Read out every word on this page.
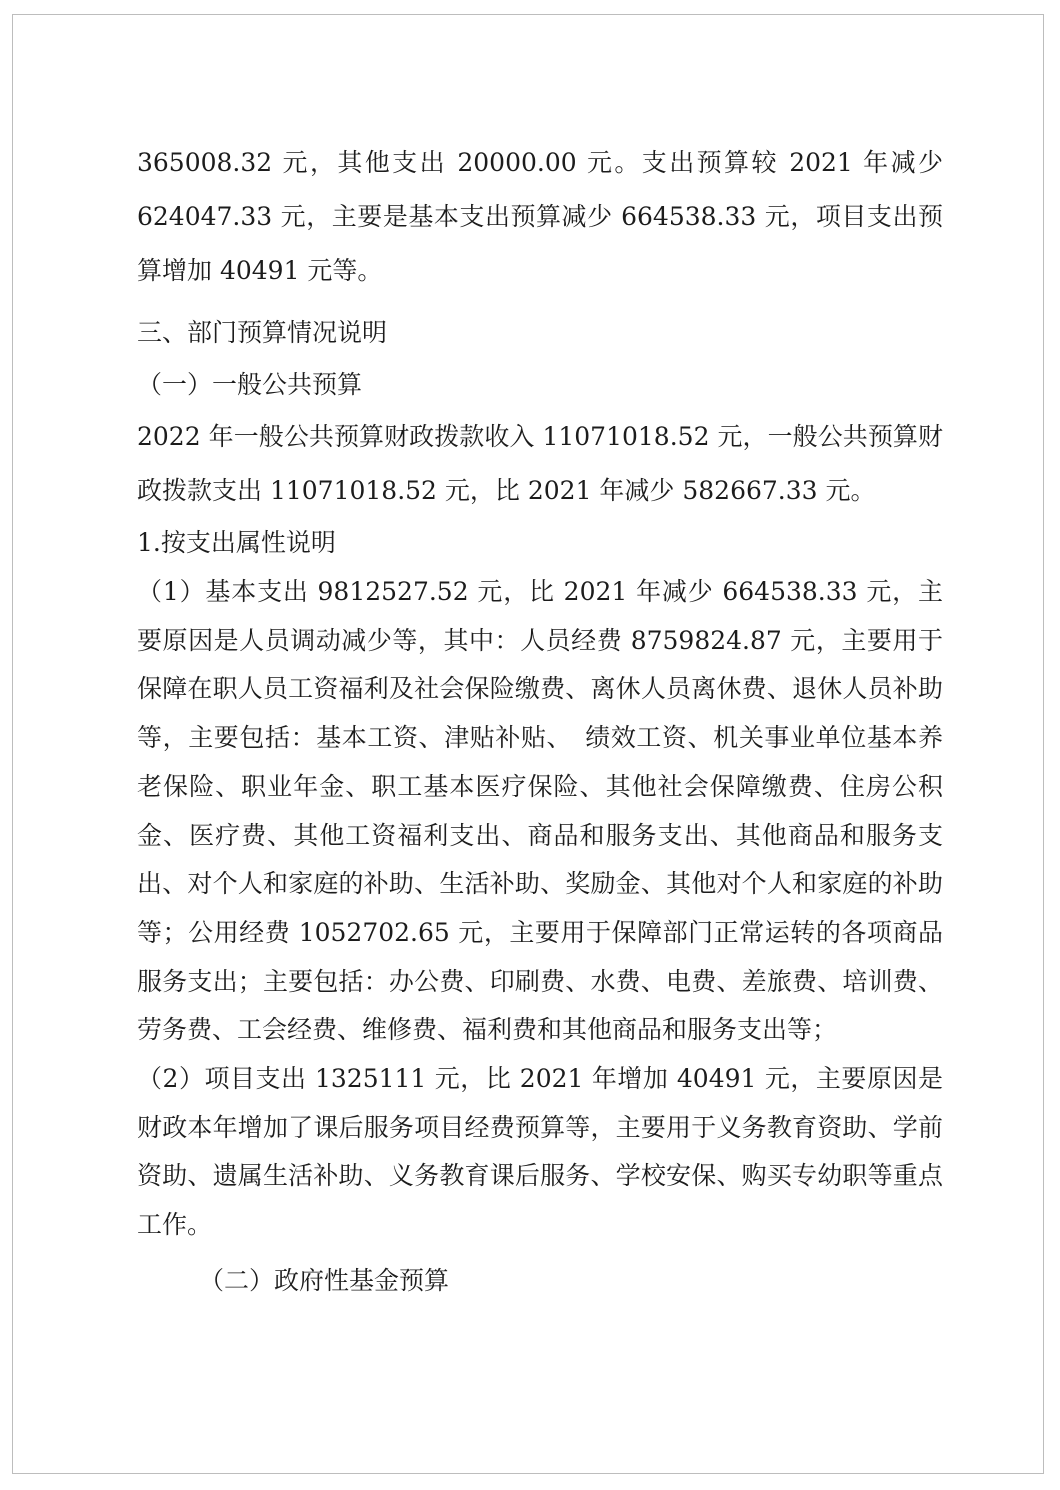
365008.32 元，其他支出 20000.00 元。支出预算较 2021 年减少 624047.33 元，主要是基本支出预算减少 664538.33 元，项目支出预算增加 40491 元等。

三、部门预算情况说明

（一）一般公共预算

2022 年一般公共预算财政拨款收入 11071018.52 元，一般公共预算财政拨款支出 11071018.52 元，比 2021 年减少 582667.33 元。

1.按支出属性说明

（1）基本支出 9812527.52 元，比 2021 年减少 664538.33 元，主要原因是人员调动减少等，其中：人员经费 8759824.87 元，主要用于保障在职人员工资福利及社会保险缴费、离休人员离休费、退休人员补助等，主要包括：基本工资、津贴补贴、　绩效工资、机关事业单位基本养老保险、职业年金、职工基本医疗保险、其他社会保障缴费、住房公积金、医疗费、其他工资福利支出、商品和服务支出、其他商品和服务支出、对个人和家庭的补助、生活补助、奖励金、其他对个人和家庭的补助等；公用经费 1052702.65 元，主要用于保障部门正常运转的各项商品服务支出；主要包括：办公费、印刷费、水费、电费、差旅费、培训费、劳务费、工会经费、维修费、福利费和其他商品和服务支出等；

（2）项目支出 1325111 元，比 2021 年增加 40491 元，主要原因是财政本年增加了课后服务项目经费预算等，主要用于义务教育资助、学前资助、遗属生活补助、义务教育课后服务、学校安保、购买专幼职等重点工作。

（二）政府性基金预算
